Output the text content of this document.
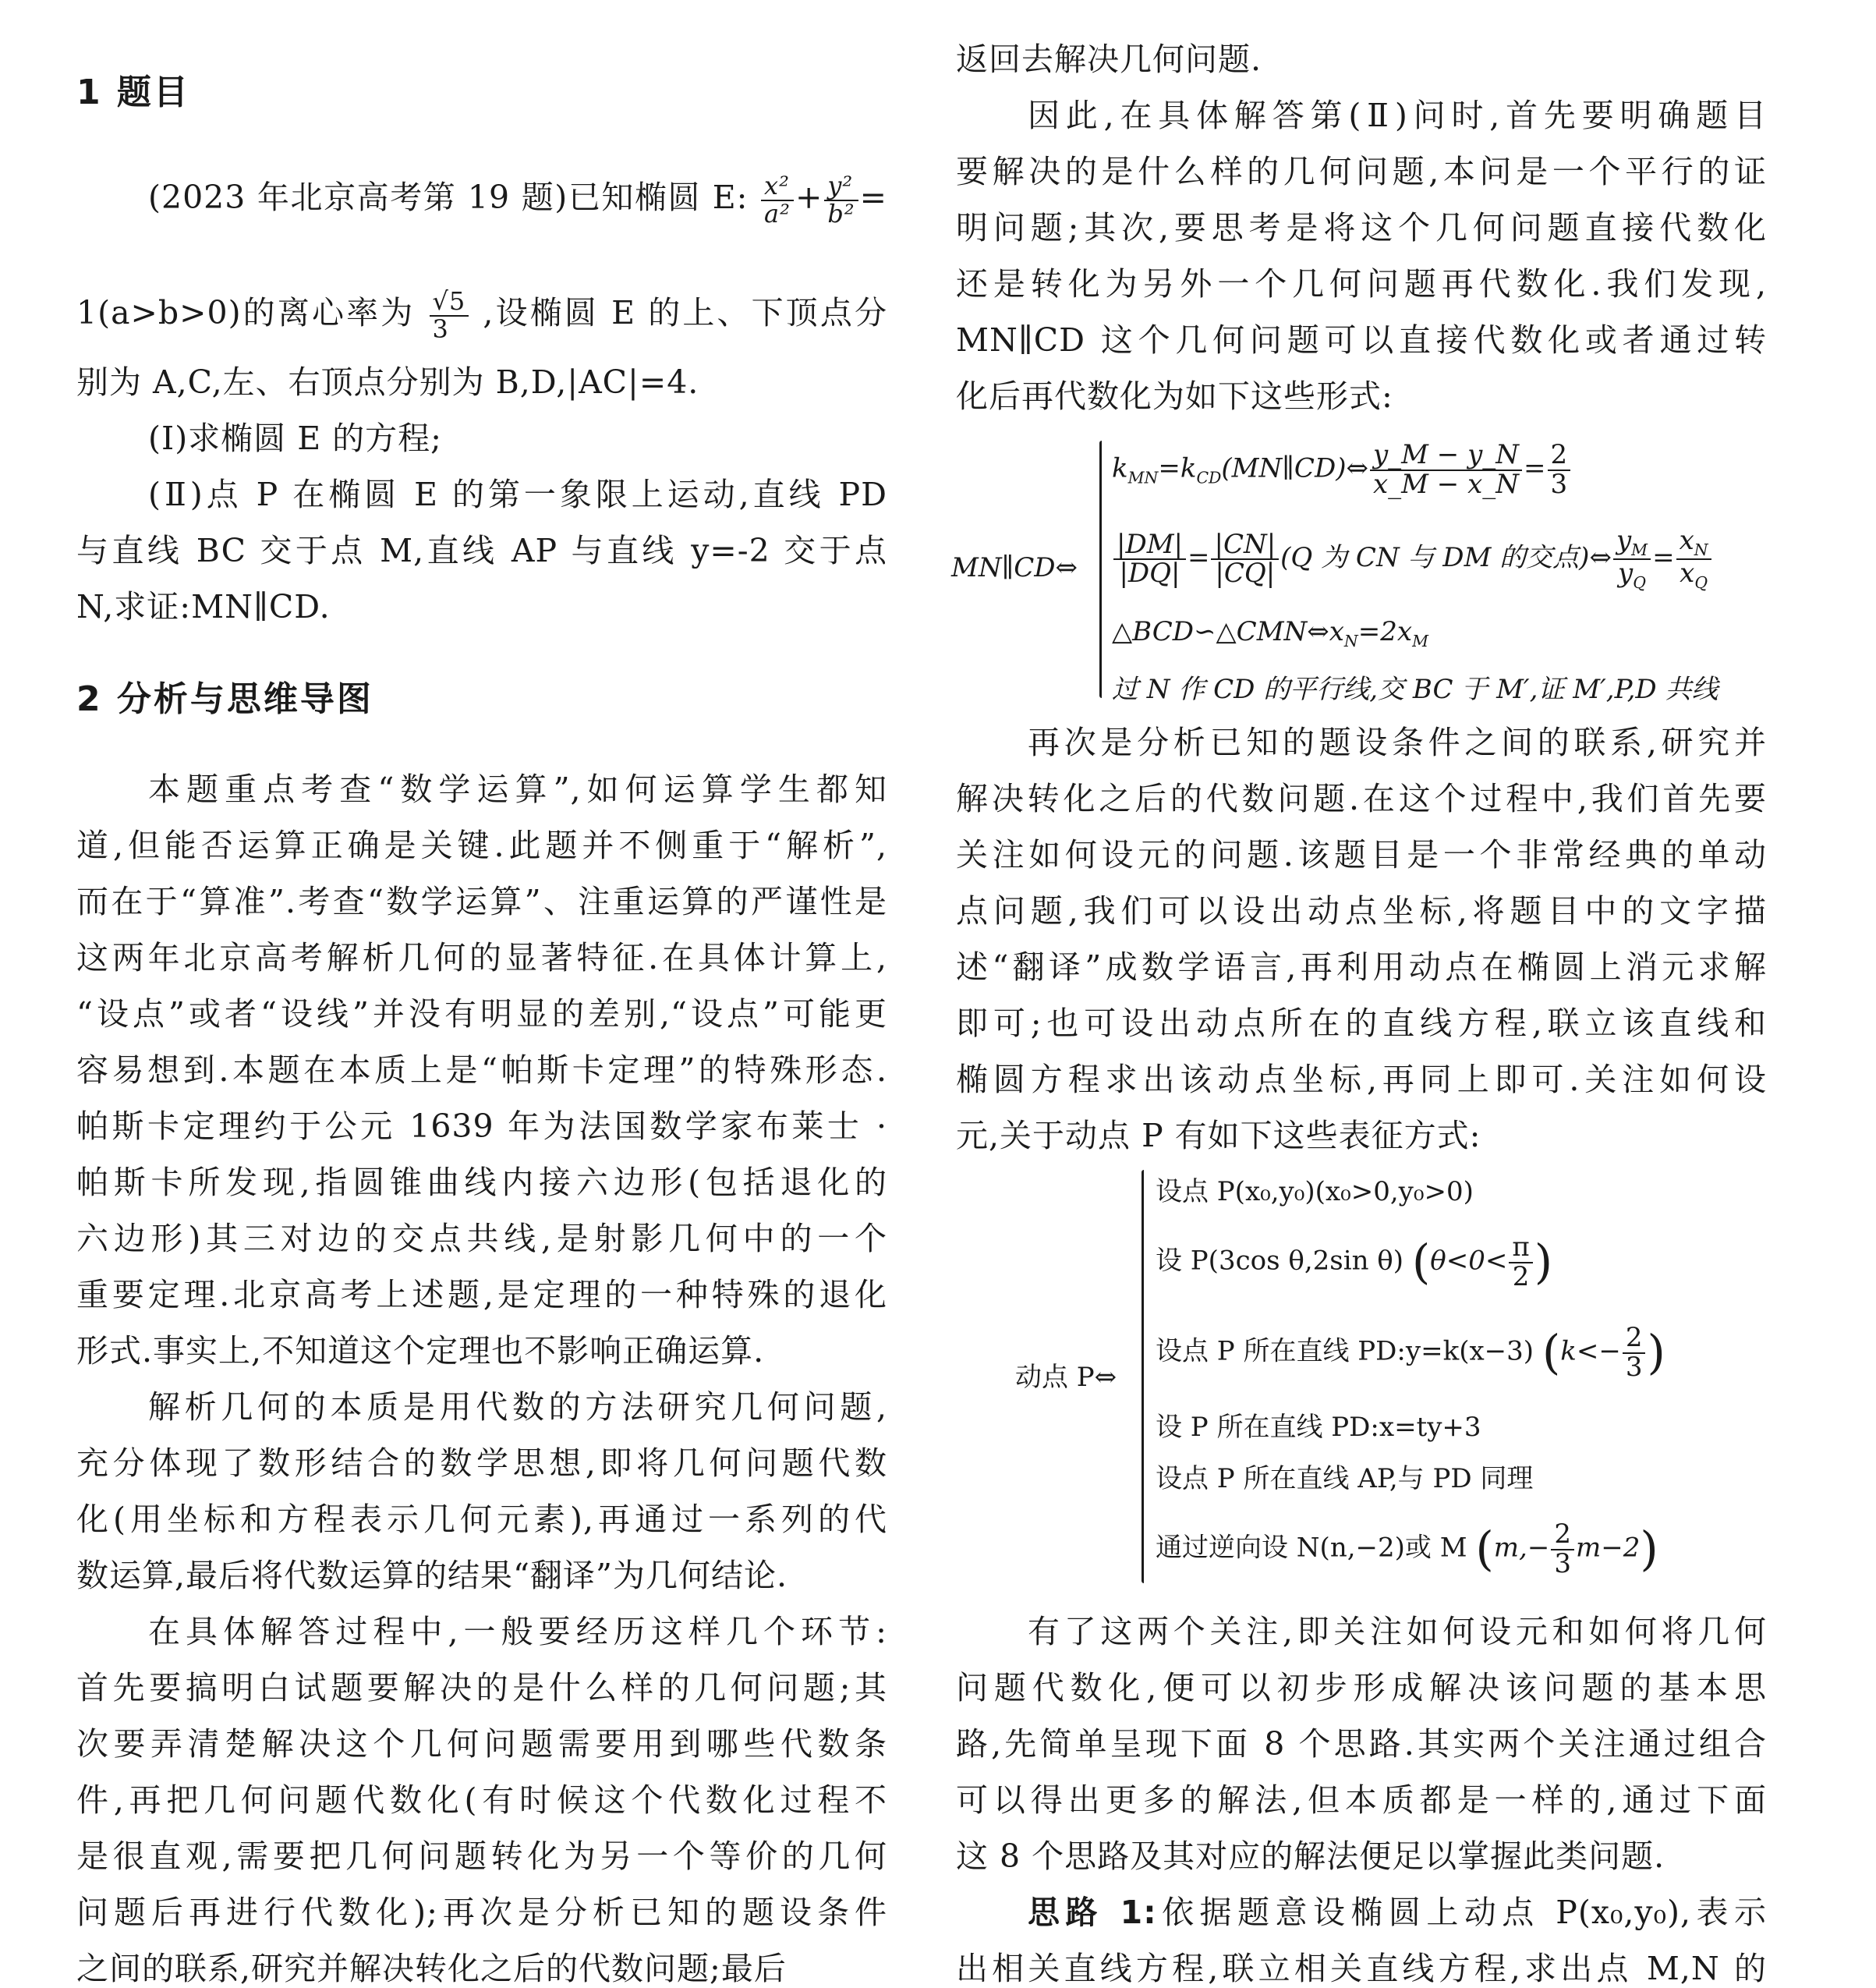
1 题目
(2023 年北京高考第 19 题)已知椭圆 E: $\frac{\text{x²}}{\text{a²}} + \frac{\text{y²}}{\text{b²}}$ =
1(a>b>0)的离心率为 $\frac{√5}{3}$ ,设椭圆 E 的上、下顶点分
别为 A,C,左、右顶点分别为 B,D,|AC|=4.
(Ⅰ)求椭圆 E 的方程;
(Ⅱ)点 P 在椭圆 E 的第一象限上运动,直线 PD
与直线 BC 交于点 M,直线 AP 与直线 y=-2 交于点
N,求证:MN∥CD.
2 分析与思维导图
本题重点考查“数学运算”,如何运算学生都知
道,但能否运算正确是关键.此题并不侧重于“解析”,
而在于“算准”.考查“数学运算”、注重运算的严谨性是
这两年北京高考解析几何的显著特征.在具体计算上,
“设点”或者“设线”并没有明显的差别,“设点”可能更
容易想到.本题在本质上是“帕斯卡定理”的特殊形态.
帕斯卡定理约于公元 1639 年为法国数学家布莱士 ·
帕斯卡所发现,指圆锥曲线内接六边形(包括退化的
六边形)其三对边的交点共线,是射影几何中的一个
重要定理.北京高考上述题,是定理的一种特殊的退化
形式.事实上,不知道这个定理也不影响正确运算.
解析几何的本质是用代数的方法研究几何问题,
充分体现了数形结合的数学思想,即将几何问题代数
化(用坐标和方程表示几何元素),再通过一系列的代
数运算,最后将代数运算的结果“翻译”为几何结论.
在具体解答过程中,一般要经历这样几个环节:
首先要搞明白试题要解决的是什么样的几何问题;其
次要弄清楚解决这个几何问题需要用到哪些代数条
件,再把几何问题代数化(有时候这个代数化过程不
是很直观,需要把几何问题转化为另一个等价的几何
问题后再进行代数化);再次是分析已知的题设条件
之间的联系,研究并解决转化之后的代数问题;最后
返回去解决几何问题.
因此,在具体解答第(Ⅱ)问时,首先要明确题目
要解决的是什么样的几何问题,本问是一个平行的证
明问题;其次,要思考是将这个几何问题直接代数化
还是转化为另外一个几何问题再代数化.我们发现,
MN∥CD 这个几何问题可以直接代数化或者通过转
化后再代数化为如下这些形式:
MN∥CD⇔
$k_{MN}=k_{CD}(MN\parallel CD)\Leftrightarrow \frac{y\_M - y\_N}{x\_M - x\_N} = \frac{2}{3}$
$\frac{|DM|}{|DQ|} = \frac{|CN|}{|CQ|} (Q$ 为 CN 与 DM 的交点)⇔ $\frac{y_M}{y_Q} = \frac{x_N}{x_Q}$
$\triangle BCD∽\triangle CMN\Leftrightarrow x_N=2x_M$
过 N 作 CD 的平行线,交 BC 于 M′,证 M′,P,D 共线
再次是分析已知的题设条件之间的联系,研究并
解决转化之后的代数问题.在这个过程中,我们首先要
关注如何设元的问题.该题目是一个非常经典的单动
点问题,我们可以设出动点坐标,将题目中的文字描
述“翻译”成数学语言,再利用动点在椭圆上消元求解
即可;也可设出动点所在的直线方程,联立该直线和
椭圆方程求出该动点坐标,再同上即可.关注如何设
元,关于动点 P 有如下这些表征方式:
动点 P⇔
设点 P(x₀,y₀)(x₀>0,y₀>0)
设 P(3cos θ,2sin θ) ($\theta<0< \frac{\pi}{2}$ )
设点 P 所在直线 PD:y=k(x−3) ($k<- \frac{2}{3}$ )
设 P 所在直线 PD:x=ty+3
设点 P 所在直线 AP,与 PD 同理
通过逆向设 N(n,−2)或 M $(m,- \frac{2}{3} m-2)$
有了这两个关注,即关注如何设元和如何将几何
问题代数化,便可以初步形成解决该问题的基本思
路,先简单呈现下面 8 个思路.其实两个关注通过组合
可以得出更多的解法,但本质都是一样的,通过下面
这 8 个思路及其对应的解法便足以掌握此类问题.
思路 1:依据题意设椭圆上动点 P(x₀,y₀),表示
出相关直线方程,联立相关直线方程,求出点 M,N 的
